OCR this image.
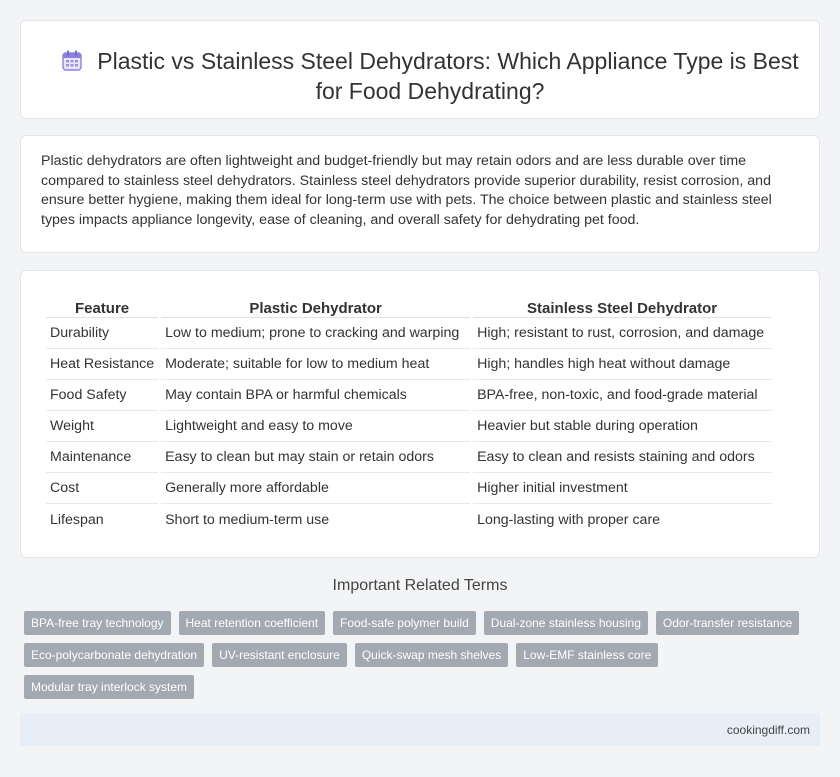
Plastic vs Stainless Steel Dehydrators: Which Appliance Type is Best for Food Dehydrating?

Plastic dehydrators are often lightweight and budget-friendly but may retain odors and are less durable over time compared to stainless steel dehydrators. Stainless steel dehydrators provide superior durability, resist corrosion, and ensure better hygiene, making them ideal for long-term use with pets. The choice between plastic and stainless steel types impacts appliance longevity, ease of cleaning, and overall safety for dehydrating pet food.

Feature	Plastic Dehydrator	Stainless Steel Dehydrator
Durability	Low to medium; prone to cracking and warping	High; resistant to rust, corrosion, and damage
Heat Resistance	Moderate; suitable for low to medium heat	High; handles high heat without damage
Food Safety	May contain BPA or harmful chemicals	BPA-free, non-toxic, and food-grade material
Weight	Lightweight and easy to move	Heavier but stable during operation
Maintenance	Easy to clean but may stain or retain odors	Easy to clean and resists staining and odors
Cost	Generally more affordable	Higher initial investment
Lifespan	Short to medium-term use	Long-lasting with proper care
Important Related Terms
BPA-free tray technology	Heat retention coefficient	Food-safe polymer build	Dual-zone stainless housing	Odor-transfer resistance
Eco-polycarbonate dehydration	UV-resistant enclosure	Quick-swap mesh shelves	Low-EMF stainless core
Modular tray interlock system
cookingdiff.com
